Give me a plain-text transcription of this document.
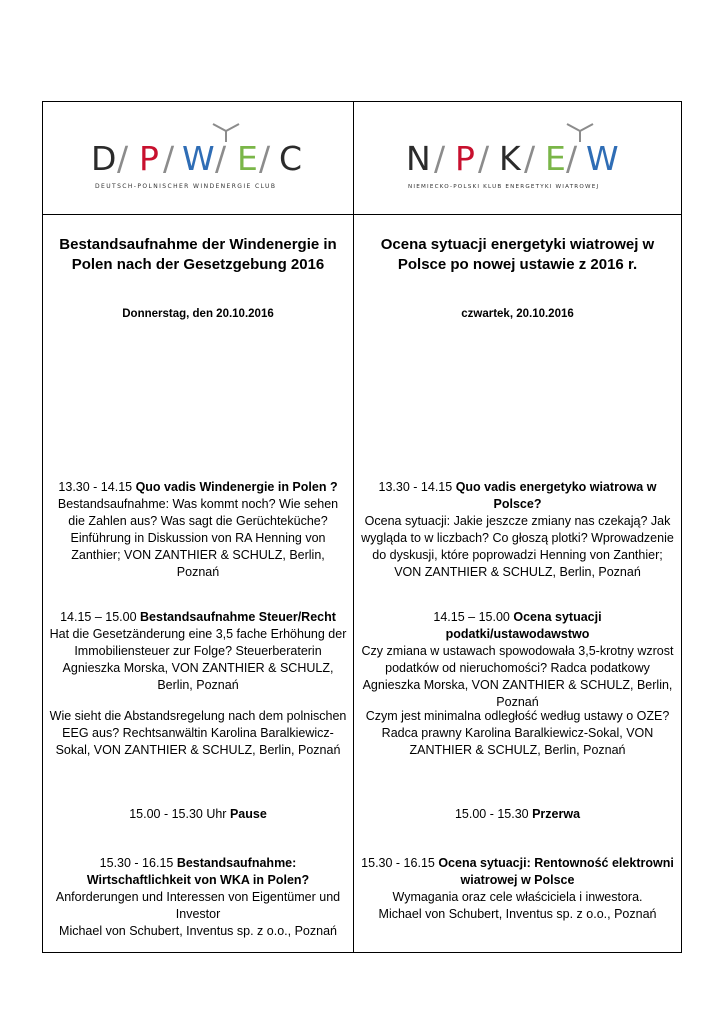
D / P / W / E / C
DEUTSCH-POLNISCHER WINDENERGIE CLUB
N / P / K / E / W
NIEMIECKO-POLSKI KLUB ENERGETYKI WIATROWEJ
Bestandsaufnahme der Windenergie in Polen nach der Gesetzgebung 2016
Donnerstag, den 20.10.2016
13.30 - 14.15 Quo vadis Windenergie in Polen ?
Bestandsaufnahme: Was kommt noch? Wie sehen die Zahlen aus? Was sagt die Gerüchteküche? Einführung in Diskussion von RA Henning von Zanthier; VON ZANTHIER & SCHULZ, Berlin, Poznań
14.15 – 15.00 Bestandsaufnahme Steuer/Recht
Hat die Gesetzänderung eine 3,5 fache Erhöhung der Immobiliensteuer zur Folge? Steuerberaterin Agnieszka Morska, VON ZANTHIER & SCHULZ, Berlin, Poznań
Wie sieht die Abstandsregelung nach dem polnischen EEG aus? Rechtsanwältin Karolina Baralkiewicz-Sokal, VON ZANTHIER & SCHULZ, Berlin, Poznań
15.00 - 15.30 Uhr Pause
15.30 - 16.15 Bestandsaufnahme: Wirtschaftlichkeit von WKA in Polen?
Anforderungen und Interessen von Eigentümer und Investor
Michael von Schubert, Inventus sp. z o.o., Poznań
Ocena sytuacji energetyki wiatrowej w Polsce po nowej ustawie z 2016 r.
czwartek, 20.10.2016
13.30 - 14.15 Quo vadis energetyko wiatrowa w Polsce?
Ocena sytuacji: Jakie jeszcze zmiany nas czekają? Jak wygląda to w liczbach? Co głoszą plotki? Wprowadzenie do dyskusji, które poprowadzi Henning von Zanthier; VON ZANTHIER & SCHULZ, Berlin, Poznań
14.15 – 15.00 Ocena sytuacji podatki/ustawodawstwo
Czy zmiana w ustawach spowodowała 3,5-krotny wzrost podatków od nieruchomości? Radca podatkowy Agnieszka Morska, VON ZANTHIER & SCHULZ, Berlin, Poznań
Czym jest minimalna odległość według ustawy o OZE? Radca prawny Karolina Baralkiewicz-Sokal, VON ZANTHIER & SCHULZ, Berlin, Poznań
15.00 - 15.30 Przerwa
15.30 - 16.15 Ocena sytuacji: Rentowność elektrowni wiatrowej w Polsce
Wymagania oraz cele właściciela i inwestora.
Michael von Schubert, Inventus sp. z o.o., Poznań
